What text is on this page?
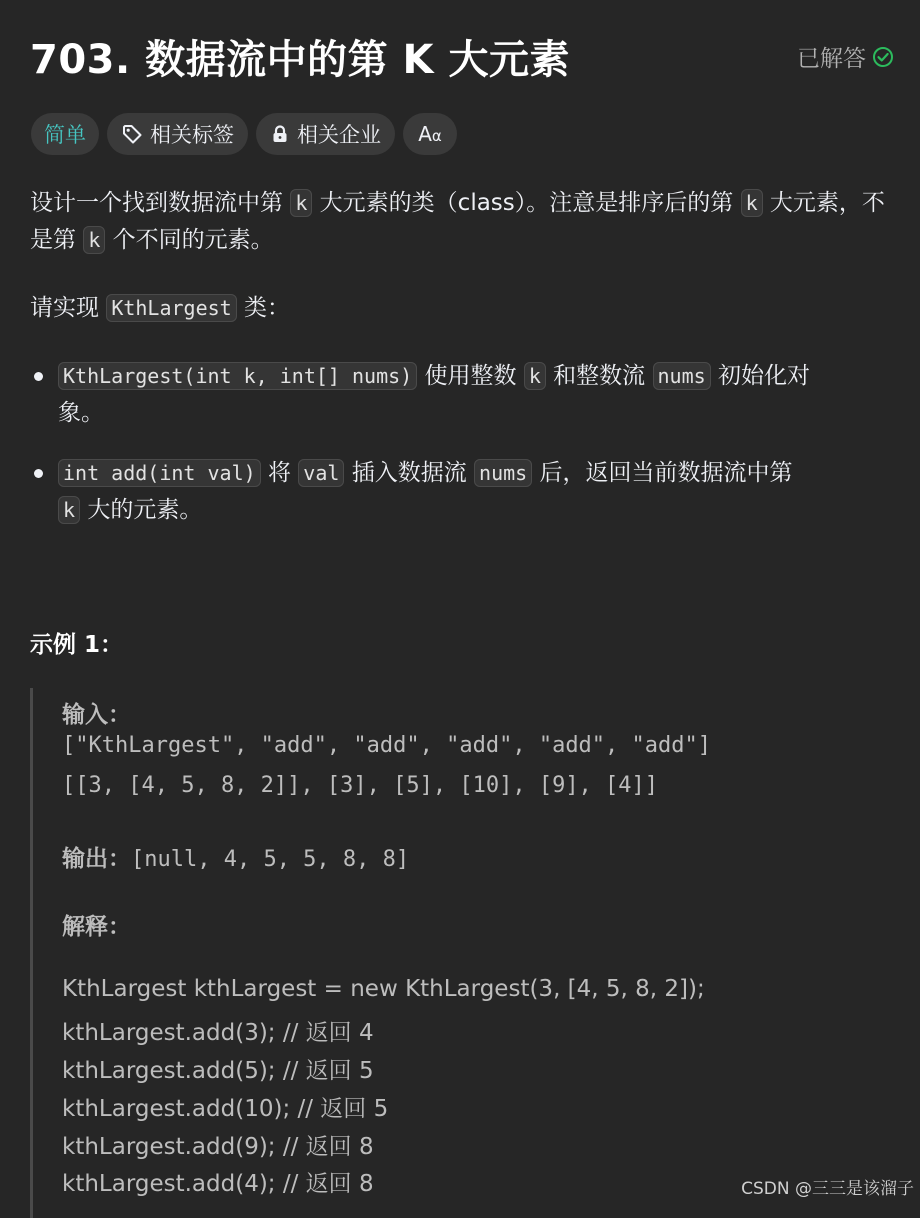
703. 数据流中的第 K 大元素	已解答
简单	相关标签	相关企业 Aα

设计一个找到数据流中第 k 大元素的类（class）。注意是排序后的第 k 大元素，不是第 k 个不同的元素。

请实现 KthLargest 类：
KthLargest(int k, int[] nums) 使用整数 k 和整数流 nums 初始化对
象。
int add(int val) 将 val 插入数据流 nums 后，返回当前数据流中第
k 大的元素。
示例 1：
输入：
["KthLargest", "add", "add", "add", "add", "add"]
[[3, [4, 5, 8, 2]], [3], [5], [10], [9], [4]]
输出：[null, 4, 5, 5, 8, 8]
解释：
KthLargest kthLargest = new KthLargest(3, [4, 5, 8, 2]);
kthLargest.add(3); // 返回 4
kthLargest.add(5); // 返回 5
kthLargest.add(10); // 返回 5
kthLargest.add(9); // 返回 8
kthLargest.add(4); // 返回 8	CSDN @三三是该溜子
